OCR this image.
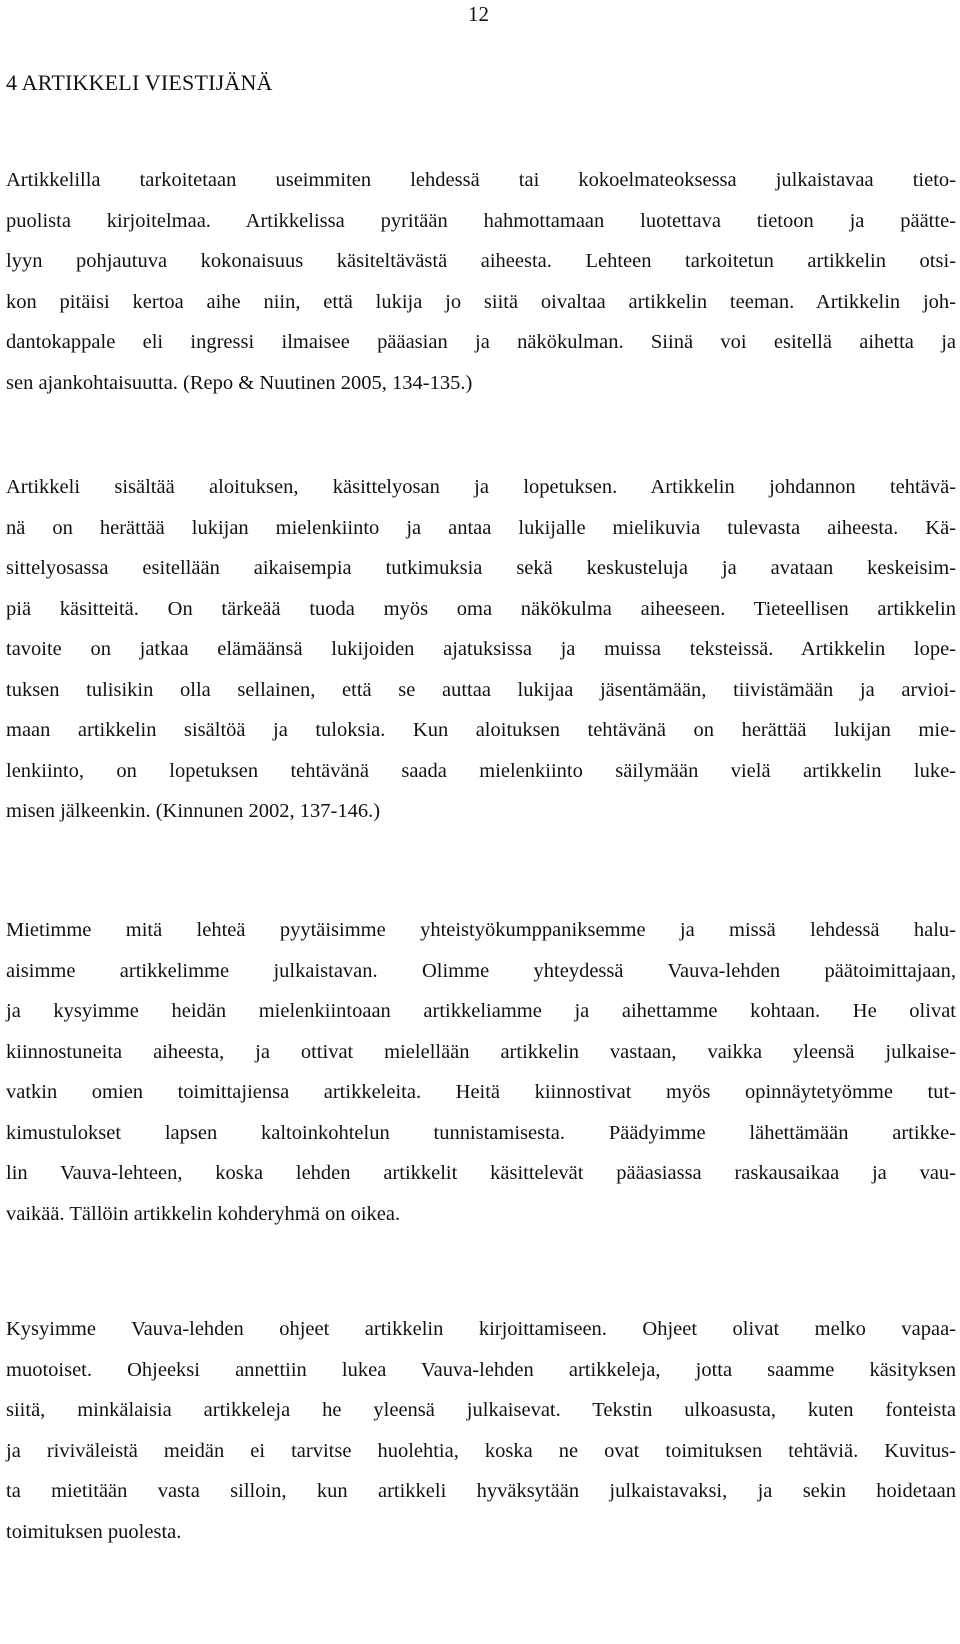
12
4 ARTIKKELI VIESTIJÄNÄ
Artikkelilla tarkoitetaan useimmiten lehdessä tai kokoelmateoksessa julkaistavaa tieto-
puolista kirjoitelmaa. Artikkelissa pyritään hahmottamaan luotettava tietoon ja päätte-
lyyn pohjautuva kokonaisuus käsiteltävästä aiheesta. Lehteen tarkoitetun artikkelin otsi-
kon pitäisi kertoa aihe niin, että lukija jo siitä oivaltaa artikkelin teeman. Artikkelin joh-
dantokappale eli ingressi ilmaisee pääasian ja näkökulman. Siinä voi esitellä aihetta ja
sen ajankohtaisuutta. (Repo & Nuutinen 2005, 134-135.)
Artikkeli sisältää aloituksen, käsittelyosan ja lopetuksen. Artikkelin johdannon tehtävä-
nä on herättää lukijan mielenkiinto ja antaa lukijalle mielikuvia tulevasta aiheesta. Kä-
sittelyosassa esitellään aikaisempia tutkimuksia sekä keskusteluja ja avataan keskeisim-
piä käsitteitä. On tärkeää tuoda myös oma näkökulma aiheeseen. Tieteellisen artikkelin
tavoite on jatkaa elämäänsä lukijoiden ajatuksissa ja muissa teksteissä. Artikkelin lope-
tuksen tulisikin olla sellainen, että se auttaa lukijaa jäsentämään, tiivistämään ja arvioi-
maan artikkelin sisältöä ja tuloksia. Kun aloituksen tehtävänä on herättää lukijan mie-
lenkiinto, on lopetuksen tehtävänä saada mielenkiinto säilymään vielä artikkelin luke-
misen jälkeenkin. (Kinnunen 2002, 137-146.)
Mietimme mitä lehteä pyytäisimme yhteistyökumppaniksemme ja missä lehdessä halu-
aisimme artikkelimme julkaistavan. Olimme yhteydessä Vauva-lehden päätoimittajaan,
ja kysyimme heidän mielenkiintoaan artikkeliamme ja aihettamme kohtaan. He olivat
kiinnostuneita aiheesta, ja ottivat mielellään artikkelin vastaan, vaikka yleensä julkaise-
vatkin omien toimittajiensa artikkeleita. Heitä kiinnostivat myös opinnäytetyömme tut-
kimustulokset lapsen kaltoinkohtelun tunnistamisesta. Päädyimme lähettämään artikke-
lin Vauva-lehteen, koska lehden artikkelit käsittelevät pääasiassa raskausaikaa ja vau-
vaikää. Tällöin artikkelin kohderyhmä on oikea.
Kysyimme Vauva-lehden ohjeet artikkelin kirjoittamiseen. Ohjeet olivat melko vapaa-
muotoiset. Ohjeeksi annettiin lukea Vauva-lehden artikkeleja, jotta saamme käsityksen
siitä, minkälaisia artikkeleja he yleensä julkaisevat. Tekstin ulkoasusta, kuten fonteista
ja riviväleistä meidän ei tarvitse huolehtia, koska ne ovat toimituksen tehtäviä. Kuvitus-
ta mietitään vasta silloin, kun artikkeli hyväksytään julkaistavaksi, ja sekin hoidetaan
toimituksen puolesta.
